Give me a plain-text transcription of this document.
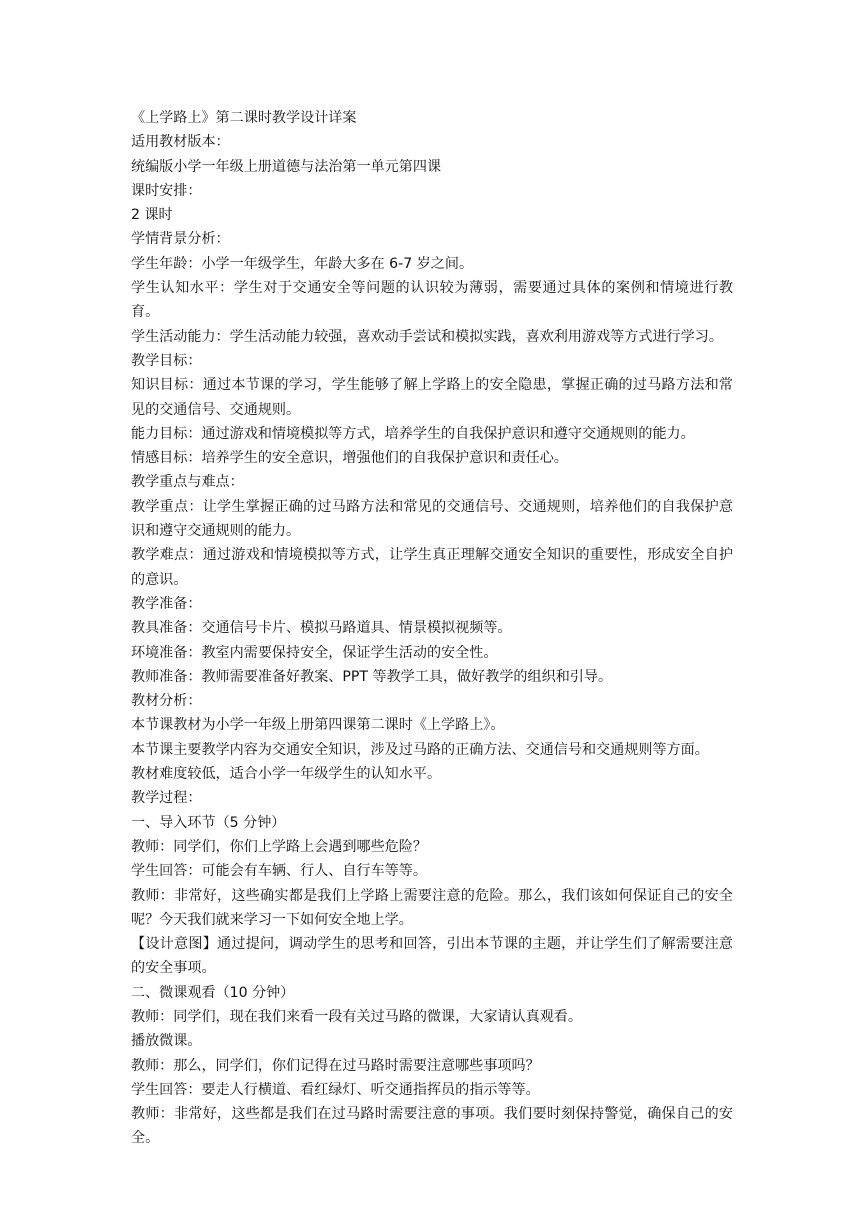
《上学路上》第二课时教学设计详案
适用教材版本：
统编版小学一年级上册道德与法治第一单元第四课
课时安排：
2 课时
学情背景分析：
学生年龄：小学一年级学生，年龄大多在 6-7 岁之间。
学生认知水平：学生对于交通安全等问题的认识较为薄弱，需要通过具体的案例和情境进行教育。
学生活动能力：学生活动能力较强，喜欢动手尝试和模拟实践，喜欢利用游戏等方式进行学习。
教学目标：
知识目标：通过本节课的学习，学生能够了解上学路上的安全隐患，掌握正确的过马路方法和常见的交通信号、交通规则。
能力目标：通过游戏和情境模拟等方式，培养学生的自我保护意识和遵守交通规则的能力。
情感目标：培养学生的安全意识，增强他们的自我保护意识和责任心。
教学重点与难点：
教学重点：让学生掌握正确的过马路方法和常见的交通信号、交通规则，培养他们的自我保护意识和遵守交通规则的能力。
教学难点：通过游戏和情境模拟等方式，让学生真正理解交通安全知识的重要性，形成安全自护的意识。
教学准备：
教具准备：交通信号卡片、模拟马路道具、情景模拟视频等。
环境准备：教室内需要保持安全，保证学生活动的安全性。
教师准备：教师需要准备好教案、PPT 等教学工具，做好教学的组织和引导。
教材分析：
本节课教材为小学一年级上册第四课第二课时《上学路上》。
本节课主要教学内容为交通安全知识，涉及过马路的正确方法、交通信号和交通规则等方面。
教材难度较低，适合小学一年级学生的认知水平。
教学过程：
一、导入环节（5 分钟）
教师：同学们，你们上学路上会遇到哪些危险？
学生回答：可能会有车辆、行人、自行车等等。
教师：非常好，这些确实都是我们上学路上需要注意的危险。那么，我们该如何保证自己的安全呢？今天我们就来学习一下如何安全地上学。
【设计意图】通过提问，调动学生的思考和回答，引出本节课的主题，并让学生们了解需要注意的安全事项。
二、微课观看（10 分钟）
教师：同学们，现在我们来看一段有关过马路的微课，大家请认真观看。
播放微课。
教师：那么，同学们，你们记得在过马路时需要注意哪些事项吗？
学生回答：要走人行横道、看红绿灯、听交通指挥员的指示等等。
教师：非常好，这些都是我们在过马路时需要注意的事项。我们要时刻保持警觉，确保自己的安全。
